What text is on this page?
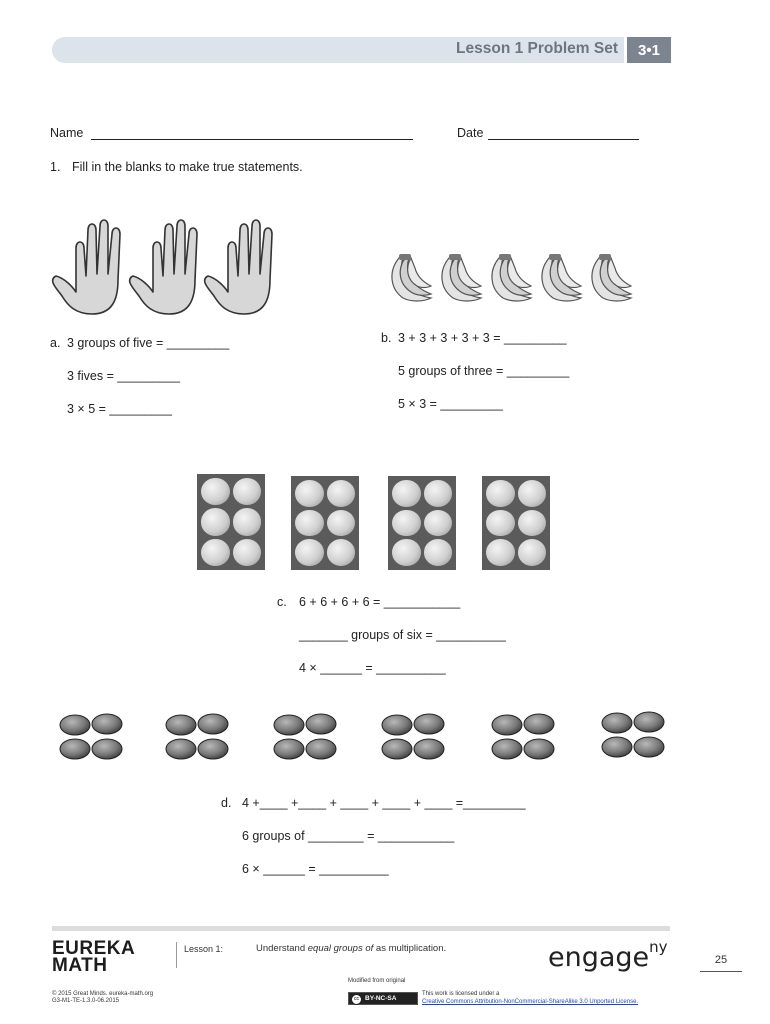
Lesson 1 Problem Set	3•1
Name	Date
1. Fill in the blanks to make true statements.
a. 3 groups of five = _________
3 fives = _________
3 × 5 = _________
b. 3 + 3 + 3 + 3 + 3 = _________
5 groups of three = _________
5 × 3 = _________
c. 6 + 6 + 6 + 6 = ___________
_______ groups of six = __________
4 × ______ = __________
d. 4 +____ +____ + ____ + ____ + ____ =_________
6 groups of ________ = ___________
6 × ______ = __________
EUREKA
MATH
Lesson 1:	Understand equal groups of as multiplication.	engage$^{ny}$
25
© 2015 Great Minds. eureka-math.org
G3-M1-TE-1.3.0-06.2015
Modified from original
BY-NC-SA
cc
This work is licensed under a
Creative Commons Attribution-NonCommercial-ShareAlike 3.0 Unported License.
